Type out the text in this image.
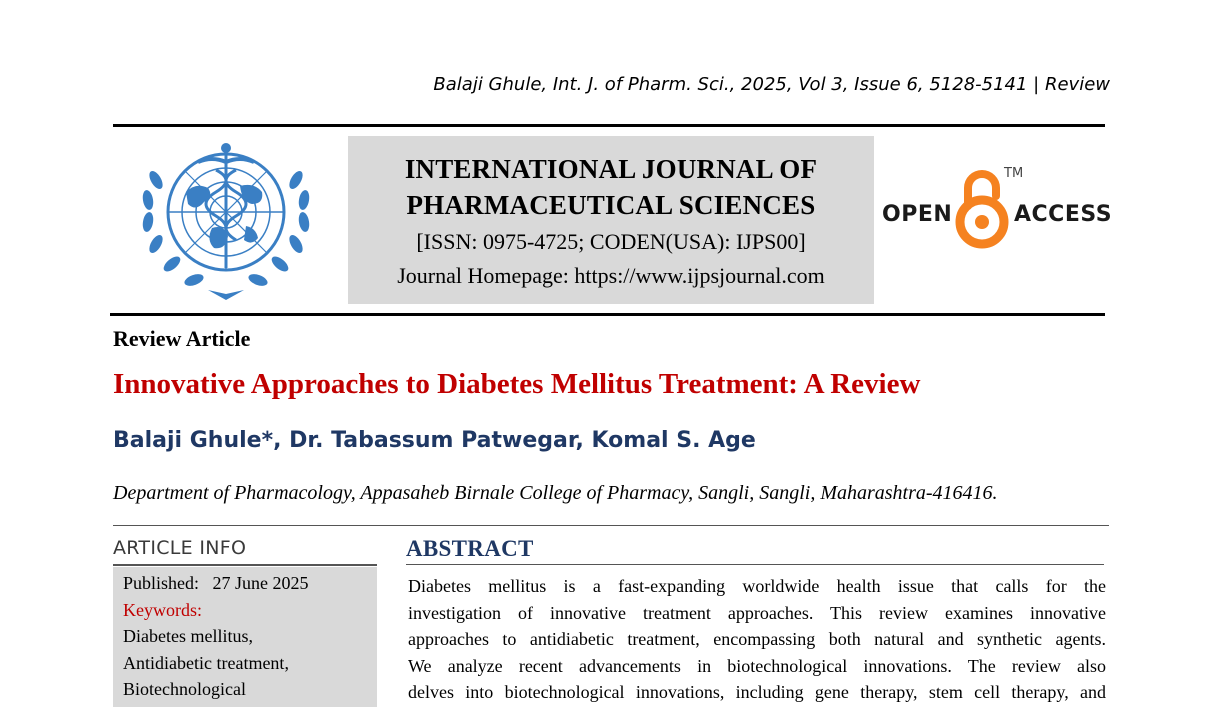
Balaji Ghule, Int. J. of Pharm. Sci., 2025, Vol 3, Issue 6, 5128-5141 | Review
INTERNATIONAL JOURNAL OF
PHARMACEUTICAL SCIENCES
[ISSN: 0975-4725; CODEN(USA): IJPS00]
Journal Homepage: https://www.ijpsjournal.com
OPEN
TM
ACCESS
Review Article
Innovative Approaches to Diabetes Mellitus Treatment: A Review
Balaji Ghule*, Dr. Tabassum Patwegar, Komal S. Age
Department of Pharmacology, Appasaheb Birnale College of Pharmacy, Sangli, Sangli, Maharashtra-416416.
ARTICLE INFO
Published: 27 June 2025
Keywords:
Diabetes mellitus,
Antidiabetic treatment,
Biotechnological
ABSTRACT
Diabetes mellitus is a fast-expanding worldwide health issue that calls for the
investigation of innovative treatment approaches. This review examines innovative
approaches to antidiabetic treatment, encompassing both natural and synthetic agents.
We analyze recent advancements in biotechnological innovations. The review also
delves into biotechnological innovations, including gene therapy, stem cell therapy, and
